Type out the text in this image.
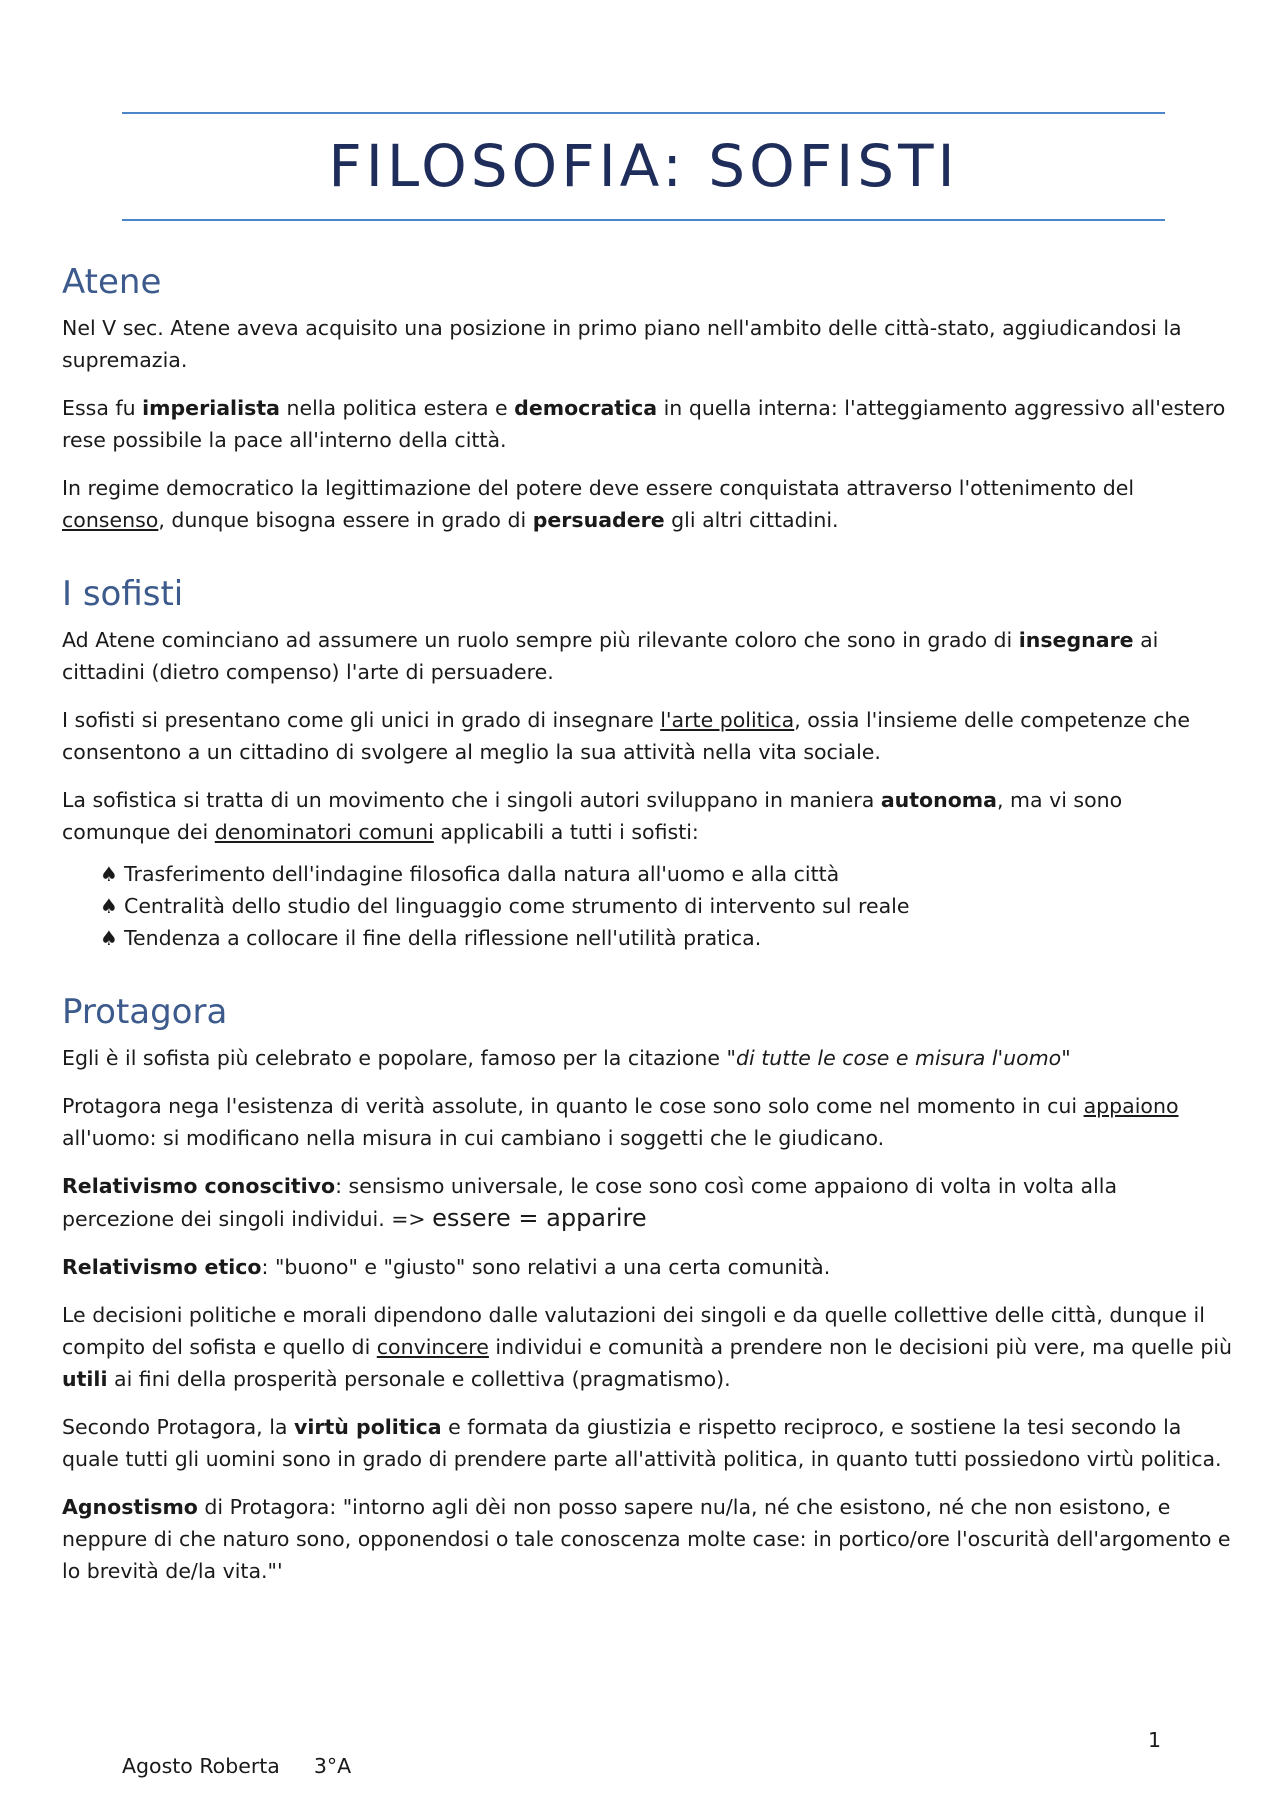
FILOSOFIA: SOFISTI
Atene

Nel V sec. Atene aveva acquisito una posizione in primo piano nell'ambito delle città-stato, aggiudicandosi la supremazia.

Essa fu imperialista nella politica estera e democratica in quella interna: l'atteggiamento aggressivo all'estero rese possibile la pace all'interno della città.

In regime democratico la legittimazione del potere deve essere conquistata attraverso l'ottenimento del consenso, dunque bisogna essere in grado di persuadere gli altri cittadini.

I sofisti

Ad Atene cominciano ad assumere un ruolo sempre più rilevante coloro che sono in grado di insegnare ai cittadini (dietro compenso) l'arte di persuadere.

I sofisti si presentano come gli unici in grado di insegnare l'arte politica, ossia l'insieme delle competenze che consentono a un cittadino di svolgere al meglio la sua attività nella vita sociale.

La sofistica si tratta di un movimento che i singoli autori sviluppano in maniera autonoma, ma vi sono comunque dei denominatori comuni applicabili a tutti i sofisti:

♠ Trasferimento dell'indagine filosofica dalla natura all'uomo e alla città
♠ Centralità dello studio del linguaggio come strumento di intervento sul reale
♠ Tendenza a collocare il fine della riflessione nell'utilità pratica.
Protagora

Egli è il sofista più celebrato e popolare, famoso per la citazione "di tutte le cose e misura l'uomo"

Protagora nega l'esistenza di verità assolute, in quanto le cose sono solo come nel momento in cui appaiono all'uomo: si modificano nella misura in cui cambiano i soggetti che le giudicano.

Relativismo conoscitivo: sensismo universale, le cose sono così come appaiono di volta in volta alla percezione dei singoli individui. => essere = apparire

Relativismo etico: "buono" e "giusto" sono relativi a una certa comunità.

Le decisioni politiche e morali dipendono dalle valutazioni dei singoli e da quelle collettive delle città, dunque il compito del sofista e quello di convincere individui e comunità a prendere non le decisioni più vere, ma quelle più utili ai fini della prosperità personale e collettiva (pragmatismo).

Secondo Protagora, la virtù politica e formata da giustizia e rispetto reciproco, e sostiene la tesi secondo la quale tutti gli uomini sono in grado di prendere parte all'attività politica, in quanto tutti possiedono virtù politica.

Agnostismo di Protagora: "intorno agli dèi non posso sapere nu/la, né che esistono, né che non esistono, e neppure di che naturo sono, opponendosi o tale conoscenza molte case: in portico/ore l'oscurità dell'argomento e lo brevità de/la vita."'

1
Agosto Roberta 3°A
